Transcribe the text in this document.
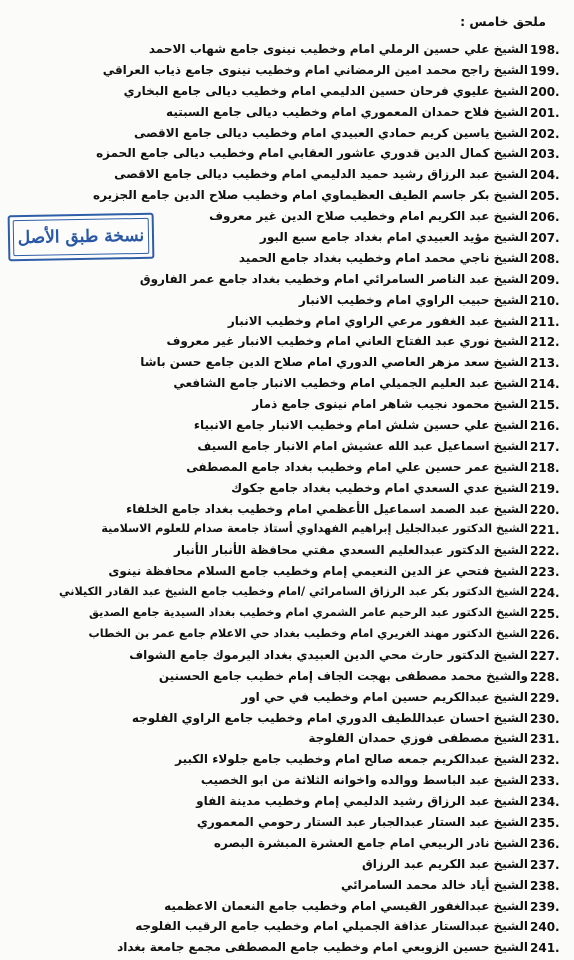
ملحق خامس :
198.
الشيخ علي حسين الرملي امام وخطيب نينوى جامع شهاب الاحمد
199.
الشيخ راجح محمد امين الرمضاني امام وخطيب نينوى جامع ذياب العراقي
200.
الشيخ عليوي فرحان حسين الدليمي امام وخطيب ديالى جامع البخاري
201.
الشيخ فلاح حمدان المعموري امام وخطيب ديالى جامع السبتيه
202.
الشيخ ياسين كريم حمادي العبيدي امام وخطيب ديالى جامع الاقصى
203.
الشيخ كمال الدين قدوري عاشور العقابي امام وخطيب ديالى جامع الحمزه
204.
الشيخ عبد الرزاق رشيد حميد الدليمي امام وخطيب ديالى جامع الاقصى
205.
الشيخ بكر جاسم الطيف العظيماوي امام وخطيب صلاح الدين جامع الجزيره
206.
الشيخ عبد الكريم امام وخطيب صلاح الدين غير معروف
207.
الشيخ مؤيد العبيدي امام بغداد جامع سبع البور
208.
الشيخ ناجي محمد امام وخطيب بغداد جامع الحميد
209.
الشيخ عبد الناصر السامرائي امام وخطيب بغداد جامع عمر الفاروق
210.
الشيخ حبيب الراوي امام وخطيب الانبار
211.
الشيخ عبد الغفور مرعي الراوي امام وخطيب الانبار
212.
الشيخ نوري عبد الفتاح العاني امام وخطيب الانبار غير معروف
213.
الشيخ سعد مزهر العاصي الدوري امام صلاح الدين جامع حسن باشا
214.
الشيخ عبد العليم الجميلي امام وخطيب الانبار جامع الشافعي
215.
الشيخ محمود نجيب شاهر امام نينوى جامع ذمار
216.
الشيخ علي حسين شلش امام وخطيب الانبار جامع الانبياء
217.
الشيخ اسماعيل عبد الله عشيش امام الانبار جامع السيف
218.
الشيخ عمر حسين علي امام وخطيب بغداد جامع المصطفى
219.
الشيخ عدي السعدي امام وخطيب بغداد جامع جكوك
220.
الشيخ عبد الصمد اسماعيل الأعظمي امام وخطيب بغداد جامع الخلفاء
221.
الشيخ الدكتور عبدالجليل إبراهيم الفهداوي أستاذ جامعة صدام للعلوم الاسلامية
222.
الشيخ الدكتور عبدالعليم السعدي مفتي محافظة الأنبار الأنبار
223.
الشيخ فتحي عز الدين النعيمي إمام وخطيب جامع السلام محافظة نينوى
224.
الشيخ الدكتور بكر عبد الرزاق السامرائي /امام وخطيب جامع الشيخ عبد القادر الكيلاني
225.
الشيخ الدكتور عبد الرحيم عامر الشمري امام وخطيب بغداد السيدية جامع الصديق
226.
الشيخ الدكتور مهند الغريري امام وخطيب بغداد حي الاعلام جامع عمر بن الخطاب
227.
الشيخ الدكتور حارث محي الدين العبيدي بغداد اليرموك جامع الشواف
228.
والشيخ محمد مصطفى بهجت الجاف إمام خطيب جامع الحسنين
229.
الشيخ عبدالكريم حسين امام وخطيب في حي اور
230.
الشيخ احسان عبداللطيف الدوري امام وخطيب جامع الراوي الفلوجه
231.
الشيخ مصطفى فوزي حمدان الفلوجة
232.
الشيخ عبدالكريم جمعه صالح امام وخطيب جامع جلولاء الكبير
233.
الشيخ عبد الباسط ووالده واخوانه الثلاثة من ابو الخصيب
234.
الشيخ عبد الرزاق رشيد الدليمي إمام وخطيب مدينة الفاو
235.
الشيخ عبد الستار عبدالجبار عبد الستار رحومي المعموري
236.
الشيخ نادر الربيعي امام جامع العشرة المبشرة البصره
237.
الشيخ عبد الكريم عبد الرزاق
238.
الشيخ أياد خالد محمد السامرائي
239.
الشيخ عبدالغفور القيسي امام وخطيب جامع النعمان الاعظميه
240.
الشيخ عبدالستار عذافة الجميلي امام وخطيب جامع الرقيب الفلوجه
241.
الشيخ حسين الزوبعي امام وخطيب جامع المصطفى مجمع جامعة بغداد
نسخة طبق الأصل
